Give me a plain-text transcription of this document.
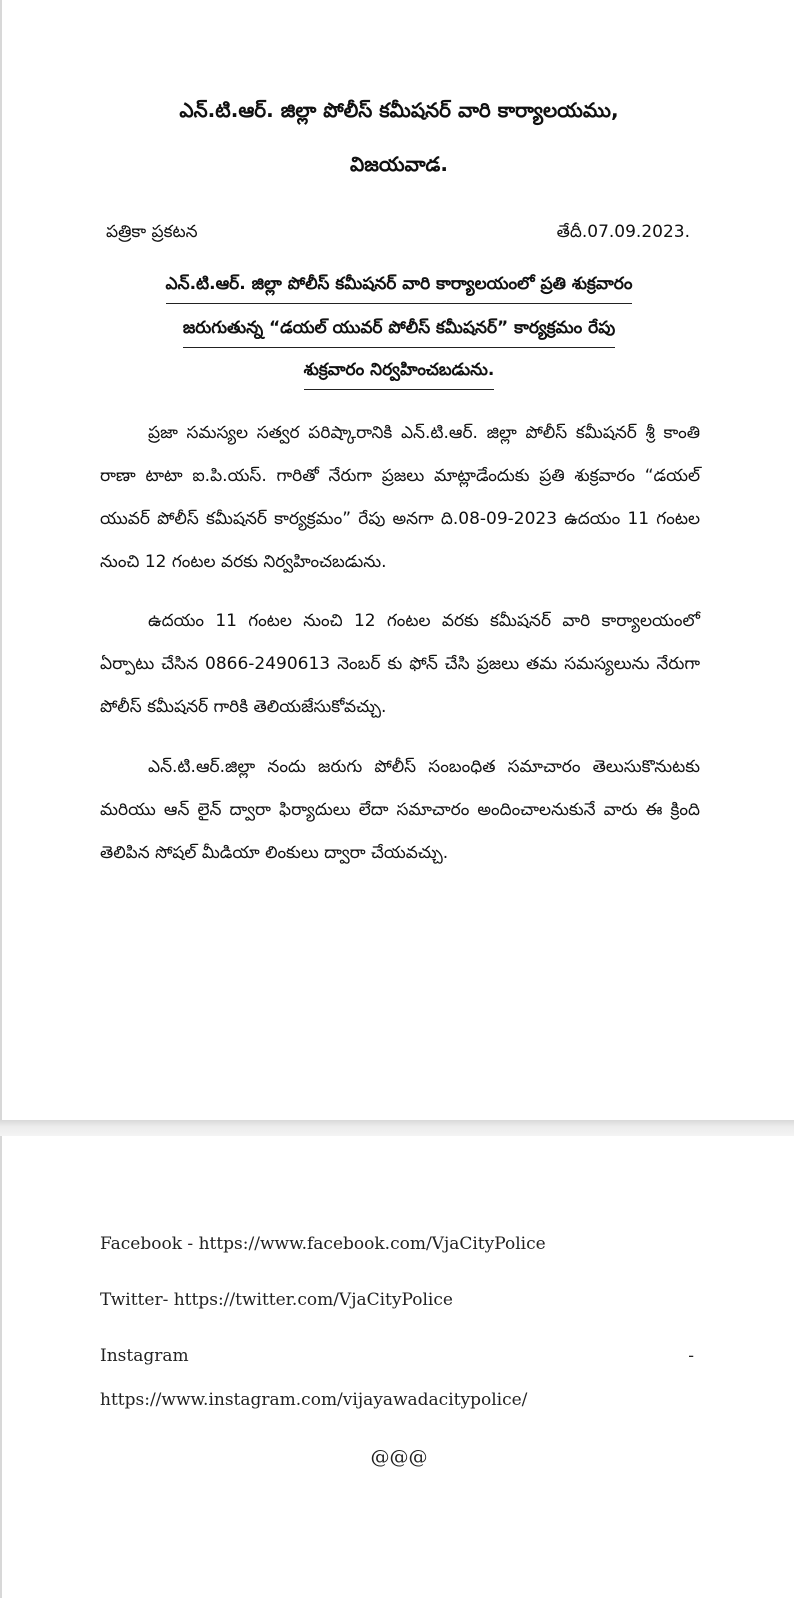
ఎన్.టి.ఆర్. జిల్లా పోలీస్ కమీషనర్ వారి కార్యాలయము,
విజయవాడ.
పత్రికా ప్రకటన	తేదీ.07.09.2023.
ఎన్.టి.ఆర్. జిల్లా పోలీస్ కమీషనర్ వారి కార్యాలయంలో ప్రతి శుక్రవారం
జరుగుతున్న “డయల్ యువర్ పోలీస్ కమీషనర్” కార్యక్రమం రేపు
శుక్రవారం నిర్వహించబడును.

ప్రజా సమస్యల సత్వర పరిష్కారానికి ఎన్.టి.ఆర్. జిల్లా పోలీస్ కమీషనర్ శ్రీ కాంతి రాణా టాటా ఐ.పి.యస్. గారితో నేరుగా ప్రజలు మాట్లాడేందుకు ప్రతి శుక్రవారం “డయల్ యువర్ పోలీస్ కమీషనర్ కార్యక్రమం” రేపు అనగా ది.08-09-2023 ఉదయం 11 గంటల నుంచి 12 గంటల వరకు నిర్వహించబడును.

ఉదయం 11 గంటల నుంచి 12 గంటల వరకు కమీషనర్ వారి కార్యాలయంలో ఏర్పాటు చేసిన 0866-2490613 నెంబర్ కు ఫోన్ చేసి ప్రజలు తమ సమస్యలును నేరుగా పోలీస్ కమీషనర్ గారికి తెలియజేసుకోవచ్చు.

ఎన్.టి.ఆర్.జిల్లా నందు జరుగు పోలీస్ సంబంధిత సమాచారం తెలుసుకొనుటకు మరియు ఆన్ లైన్ ద్వారా ఫిర్యాదులు లేదా సమాచారం అందించాలనుకునే వారు ఈ క్రింది తెలిపిన సోషల్ మీడియా లింకులు ద్వారా చేయవచ్చు.

Facebook - https://www.facebook.com/VjaCityPolice
Twitter- https://twitter.com/VjaCityPolice
Instagram	-
https://www.instagram.com/vijayawadacitypolice/
@@@
